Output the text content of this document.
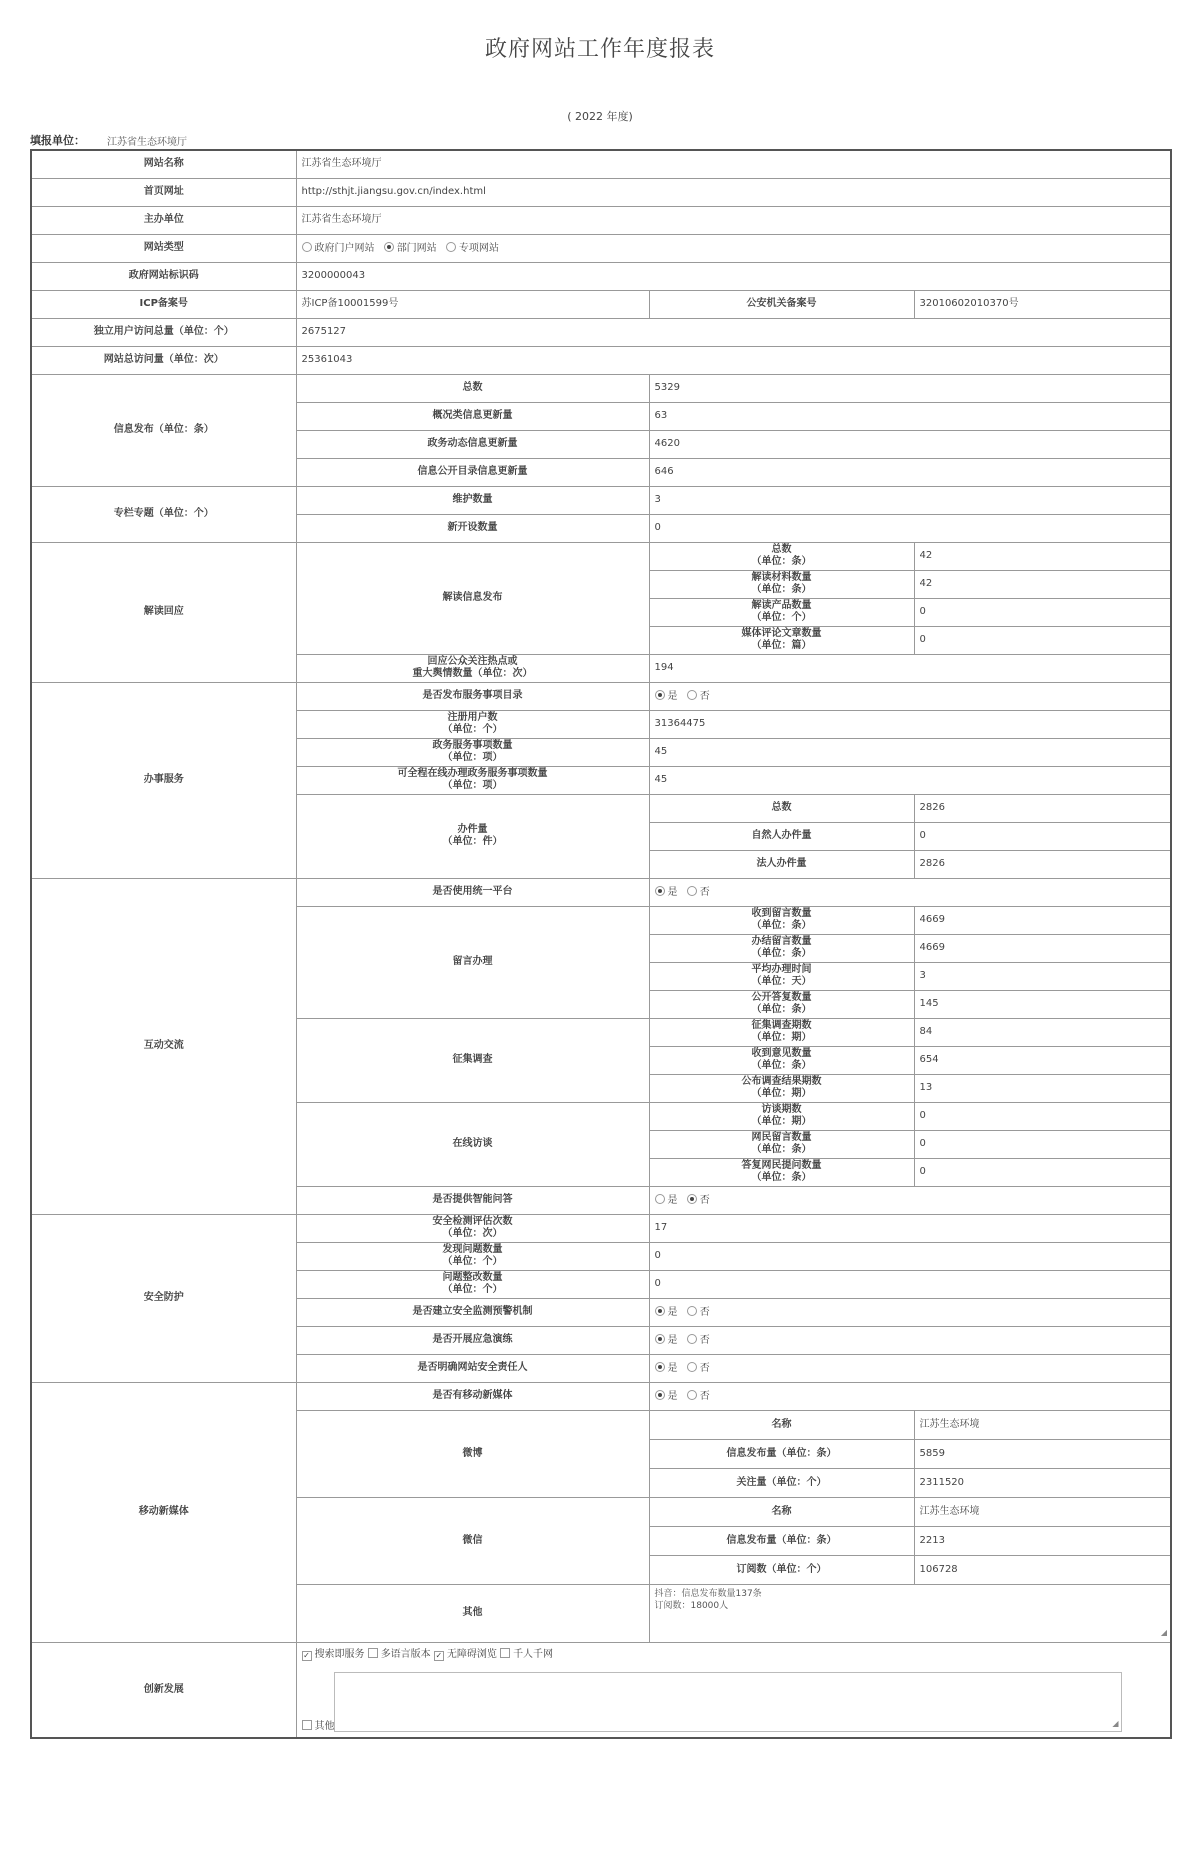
政府网站工作年度报表
( 2022 年度)
填报单位： 江苏省生态环境厅
网站名称	江苏省生态环境厅		
首页网址	http://sthjt.jiangsu.gov.cn/index.html		
主办单位	江苏省生态环境厅		
网站类型	政府门户网站 部门网站 专项网站		
政府网站标识码	3200000043		
ICP备案号	苏ICP备10001599号	公安机关备案号	32010602010370号
独立用户访问总量（单位：个）	2675127		
网站总访问量（单位：次）	25361043		
信息发布（单位：条）	总数	5329	
	概况类信息更新量	63	
	政务动态信息更新量	4620	
	信息公开目录信息更新量	646	
专栏专题（单位：个）	维护数量	3	
	新开设数量	0	
解读回应	解读信息发布	总数
（单位：条）	42

		解读材料数量
（单位：条）	42

		解读产品数量
（单位：个）	0

		媒体评论文章数量
（单位：篇）	0

	回应公众关注热点或
重大舆情数量（单位：次）	194	
办事服务	是否发布服务事项目录	是 否	

	注册用户数
（单位：个）	31364475	

	政务服务事项数量
（单位：项）	45	

	可全程在线办理政务服务事项数量
（单位：项）	45	

	办件量
（单位：件）	总数	2826
		自然人办件量	0
		法人办件量	2826
互动交流	是否使用统一平台	是 否	
	留言办理	收到留言数量
（单位：条）	4669

		办结留言数量
（单位：条）	4669

		平均办理时间
（单位：天）	3

		公开答复数量
（单位：条）	145
	征集调查	征集调查期数
（单位：期）	84

		收到意见数量
（单位：条）	654

		公布调查结果期数
（单位：期）	13
	在线访谈	访谈期数
（单位：期）	0

		网民留言数量
（单位：条）	0

		答复网民提问数量
（单位：条）	0
	是否提供智能问答	是 否	
安全防护	安全检测评估次数
（单位：次）	17	

	发现问题数量
（单位：个）	0	

	问题整改数量
（单位：个）	0	
	是否建立安全监测预警机制	是 否	
	是否开展应急演练	是 否	
	是否明确网站安全责任人	是 否	
移动新媒体	是否有移动新媒体	是 否	
	微博	名称	江苏生态环境
		信息发布量（单位：条）	5859
		关注量（单位：个）	2311520
	微信	名称	江苏生态环境
		信息发布量（单位：条）	2213
		订阅数（单位：个）	106728
	其他	抖音：信息发布数量137条
订阅数：18000人
◢	

创新发展	✓ 搜索即服务 多语言版本 ✓ 无障碍浏览 千人千网
◢
其他		
